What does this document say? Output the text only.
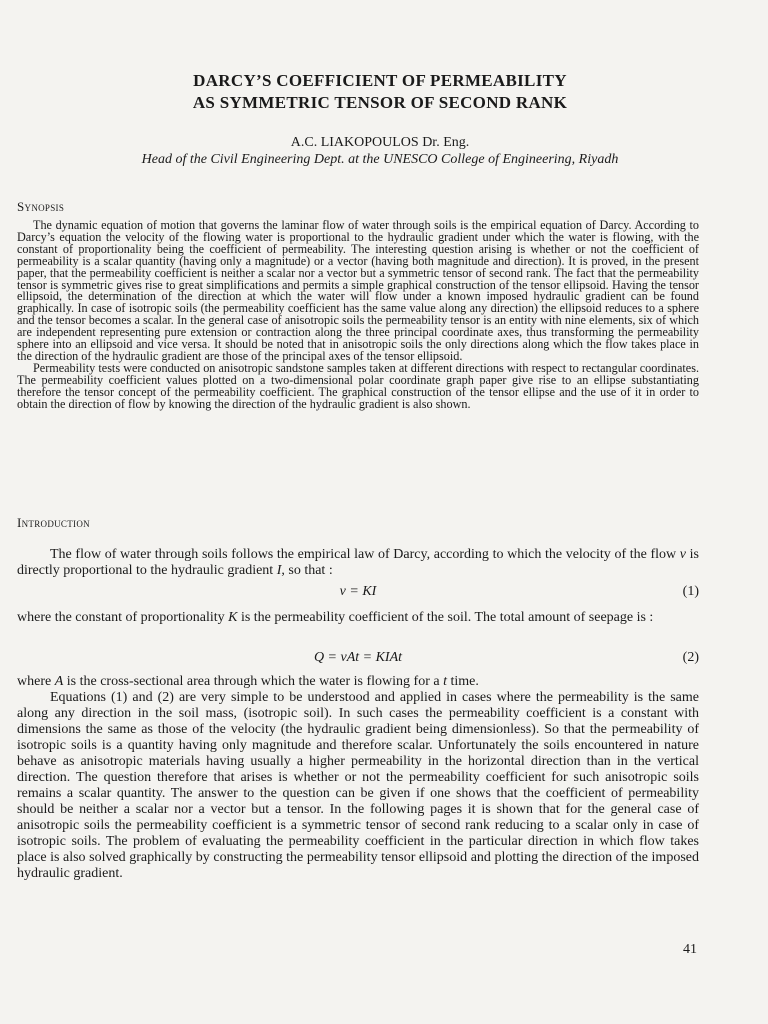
DARCY’S COEFFICIENT OF PERMEABILITY
AS SYMMETRIC TENSOR OF SECOND RANK
A.C. LIAKOPOULOS Dr. Eng.
Head of the Civil Engineering Dept. at the UNESCO College of Engineering, Riyadh
Synopsis

The dynamic equation of motion that governs the laminar flow of water through soils is the empirical equation of Darcy. According to Darcy’s equation the velocity of the flowing water is proportional to the hydraulic gradient under which the water is flowing, with the constant of proportionality being the coefficient of permeability. The interesting question arising is whether or not the coefficient of permeability is a scalar quantity (having only a magnitude) or a vector (having both magnitude and direction). It is proved, in the present paper, that the permeability coefficient is neither a scalar nor a vector but a symmetric tensor of second rank. The fact that the permeability tensor is symmetric gives rise to great simplifications and permits a simple graphical construction of the tensor ellipsoid. Having the tensor ellipsoid, the determination of the direction at which the water will flow under a known imposed hydraulic gradient can be found graphically. In case of isotropic soils (the permeability coefficient has the same value along any direction) the ellipsoid reduces to a sphere and the tensor becomes a scalar. In the general case of anisotropic soils the permeability tensor is an entity with nine elements, six of which are independent representing pure extension or contraction along the three principal coordinate axes, thus transforming the permeability sphere into an ellipsoid and vice versa. It should be noted that in anisotropic soils the only directions along which the flow takes place in the direction of the hydraulic gradient are those of the principal axes of the tensor ellipsoid.

Permeability tests were conducted on anisotropic sandstone samples taken at different directions with respect to rectangular coordinates. The permeability coefficient values plotted on a two-dimensional polar coordinate graph paper give rise to an ellipse substantiating therefore the tensor concept of the permeability coefficient. The graphical construction of the tensor ellipse and the use of it in order to obtain the direction of flow by knowing the direction of the hydraulic gradient is also shown.

Introduction

The flow of water through soils follows the empirical law of Darcy, according to which the velocity of the flow v is directly proportional to the hydraulic gradient I, so that :

v = KI	(1)

where the constant of proportionality K is the permeability coefficient of the soil. The total amount of seepage is :

Q = vAt = KIAt	(2)

where A is the cross-sectional area through which the water is flowing for a t time.

Equations (1) and (2) are very simple to be understood and applied in cases where the permeability is the same along any direction in the soil mass, (isotropic soil). In such cases the permeability coefficient is a constant with dimensions the same as those of the velocity (the hydraulic gradient being dimensionless). So that the permeability of isotropic soils is a quantity having only magnitude and therefore scalar. Unfortunately the soils encountered in nature behave as anisotropic materials having usually a higher permeability in the horizontal direction than in the vertical direction. The question therefore that arises is whether or not the permeability coefficient for such anisotropic soils remains a scalar quantity. The answer to the question can be given if one shows that the coefficient of permeability should be neither a scalar nor a vector but a tensor. In the following pages it is shown that for the general case of anisotropic soils the permeability coefficient is a symmetric tensor of second rank reducing to a scalar only in case of isotropic soils. The problem of evaluating the permeability coefficient in the particular direction in which flow takes place is also solved graphically by constructing the permeability tensor ellipsoid and plotting the direction of the imposed hydraulic gradient.

41
